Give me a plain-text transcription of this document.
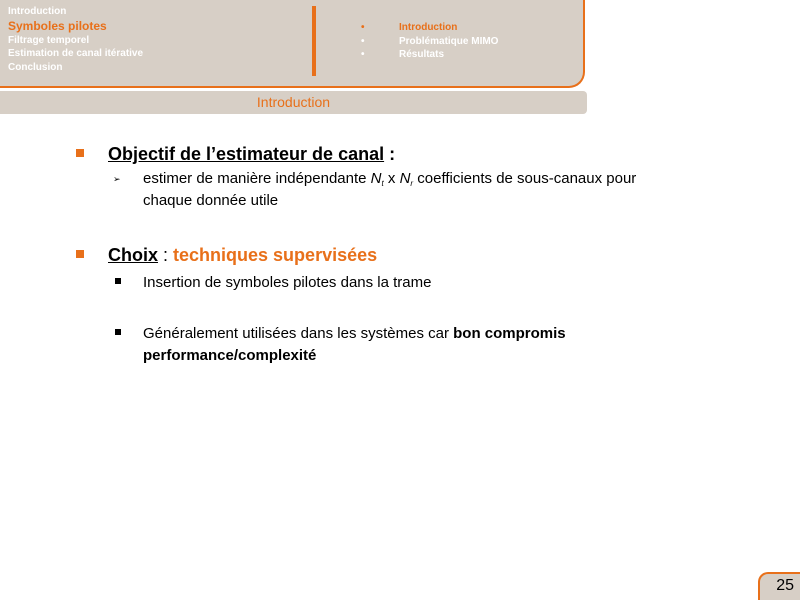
Introduction
Symboles pilotes
Filtrage temporel
Estimation de canal itérative
Conclusion
•	Introduction
•	Problématique MIMO
•	Résultats
Introduction
Objectif de l’estimateur de canal :
➢ estimer de manière indépendante $N_t$ x $N_r$ coefficients de sous-canaux pour
chaque donnée utile
Choix : techniques supervisées
Insertion de symboles pilotes dans la trame
Généralement utilisées dans les systèmes car bon compromis
performance/complexité
25
